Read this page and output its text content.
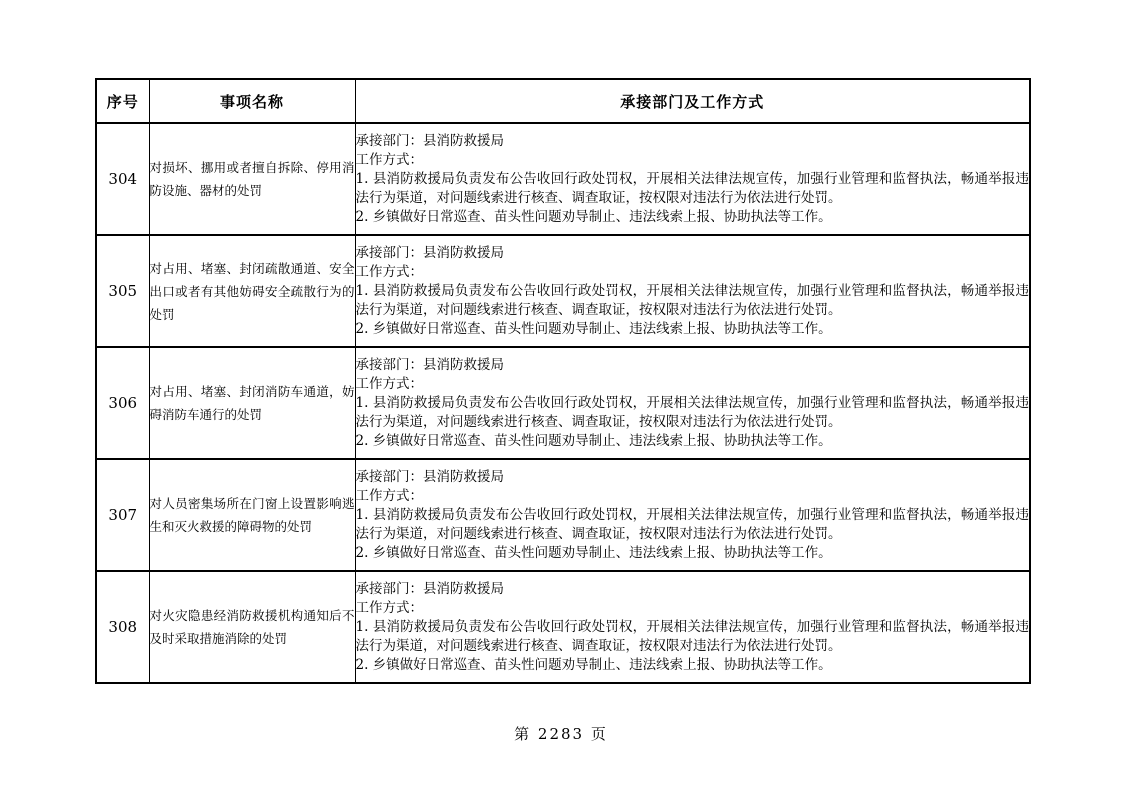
序号	事项名称	承接部门及工作方式
304	对损坏、挪用或者擅自拆除、停用消防设施、器材的处罚	承接部门：县消防救援局
工作方式：
1. 县消防救援局负责发布公告收回行政处罚权，开展相关法律法规宣传，加强行业管理和监督执法，畅通举报违法行为渠道，对问题线索进行核查、调查取证，按权限对违法行为依法进行处罚。
2. 乡镇做好日常巡查、苗头性问题劝导制止、违法线索上报、协助执法等工作。

305	对占用、堵塞、封闭疏散通道、安全出口或者有其他妨碍安全疏散行为的处罚	承接部门：县消防救援局
工作方式：
1. 县消防救援局负责发布公告收回行政处罚权，开展相关法律法规宣传，加强行业管理和监督执法，畅通举报违法行为渠道，对问题线索进行核查、调查取证，按权限对违法行为依法进行处罚。
2. 乡镇做好日常巡查、苗头性问题劝导制止、违法线索上报、协助执法等工作。

306	对占用、堵塞、封闭消防车通道，妨碍消防车通行的处罚	承接部门：县消防救援局
工作方式：
1. 县消防救援局负责发布公告收回行政处罚权，开展相关法律法规宣传，加强行业管理和监督执法，畅通举报违法行为渠道，对问题线索进行核查、调查取证，按权限对违法行为依法进行处罚。
2. 乡镇做好日常巡查、苗头性问题劝导制止、违法线索上报、协助执法等工作。

307	对人员密集场所在门窗上设置影响逃生和灭火救援的障碍物的处罚	承接部门：县消防救援局
工作方式：
1. 县消防救援局负责发布公告收回行政处罚权，开展相关法律法规宣传，加强行业管理和监督执法，畅通举报违法行为渠道，对问题线索进行核查、调查取证，按权限对违法行为依法进行处罚。
2. 乡镇做好日常巡查、苗头性问题劝导制止、违法线索上报、协助执法等工作。

308	对火灾隐患经消防救援机构通知后不及时采取措施消除的处罚	承接部门：县消防救援局
工作方式：
1. 县消防救援局负责发布公告收回行政处罚权，开展相关法律法规宣传，加强行业管理和监督执法，畅通举报违法行为渠道，对问题线索进行核查、调查取证，按权限对违法行为依法进行处罚。
2. 乡镇做好日常巡查、苗头性问题劝导制止、违法线索上报、协助执法等工作。
第 2283 页
